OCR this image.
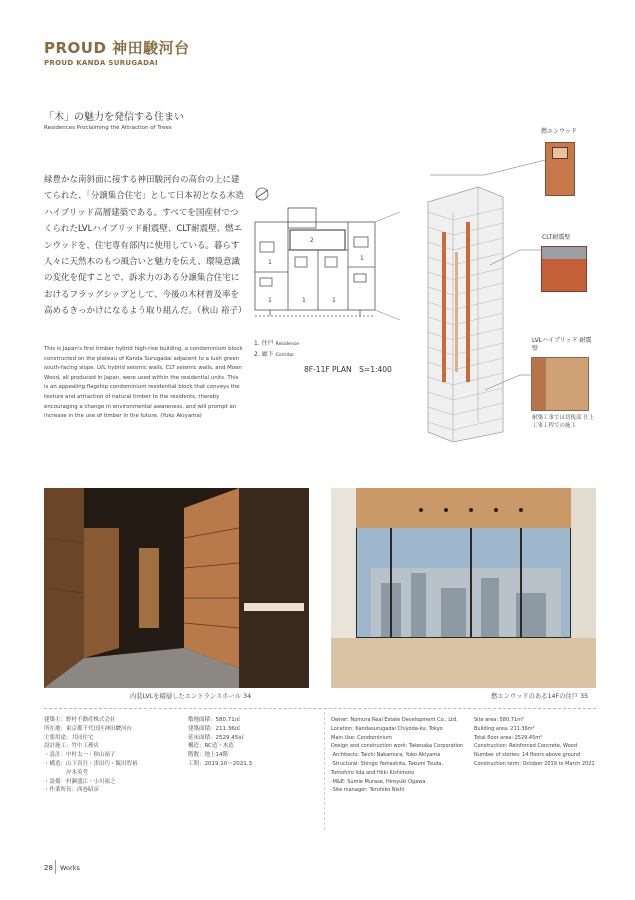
PROUD 神田駿河台
PROUD KANDA SURUGADAI
「木」の魅力を発信する住まい
Residences Proclaiming the Attraction of Trees
緑豊かな南斜面に接する神田駿河台の高台の上に建てられた、「分譲集合住宅」として日本初となる木造ハイブリッド高層建築である。すべてを国産材でつくられたLVLハイブリッド耐震壁、CLT耐震壁、燃エンウッドを、住宅専有部内に使用している。暮らす人々に天然木のもつ風合いと魅力を伝え、環境意識の変化を促すことで、訴求力のある分譲集合住宅におけるフラッグシップとして、今後の木材普及率を高めるきっかけになるよう取り組んだ。（秋山 裕子）
This is Japan's first timber hybrid high-rise building, a condominium block constructed on the plateau of Kanda Surugadai adjacent to a lush green south-facing slope. LVL hybrid seismic walls, CLT seismic walls, and Moen Wood, all produced in Japan, were used within the residential units. This is an appealing flagship condominium residential block that conveys the texture and attraction of natural timber to the residents, thereby encouraging a change in environmental awareness, and will prompt an increase in the use of timber in the future. (Yuko Akiyama)
1
2
1
1	1	1
1. 住戸 Residence
2. 廊下 Corridor
8F-11F PLAN　S=1:400
燃エンウッド
CLT耐震壁
LVLハイブリッド 耐震壁
耐築工事では切板部 仕上工事工程での施工
内装LVLを積層したエントランスホール 34	燃エンウッドのある14Fの住戸 35
建築主：野村不動産株式会社
所在地：東京都千代田区神田駿河台
主要用途：共同住宅
設計施工：竹中工務店
・設計：中村太一・秋山裕子
・構造：山下真吾・津田巧・飯田智裕
　　　　岸本英考
・設備：村瀬盛江・小川裕之
・作業所長：西巻昭彦
敷地面積：580.71㎡
建築面積：211.36㎡
延床面積：2529.45㎡
構造：RC造・木造
階数：地上14階
工期：2019.10〜2021.3
Owner: Nomura Real Estate Development Co., Ltd.
Location: Kandasurugadai Chiyoda-ku, Tokyo
Main Use: Condominium
Design and construction work: Takenaka Corporation
·Architects: Taichi Nakamura, Yuko Akiyama
·Structural: Shingo Yamashita, Takumi Tsuda,
Tomohiro Iida and Hiiki Kishimoto
·M&E: Sumie Murase, Hiroyuki Ogawa
·Site manager: Teruhiko Nishi
Site area: 580.71m²
Building area: 211.36m²
Total floor area: 2529.45m²
Construction: Reinforced Concrete, Wood
Number of stories: 14 floors above ground
Construction term: October 2019 to March 2021
28 Works
